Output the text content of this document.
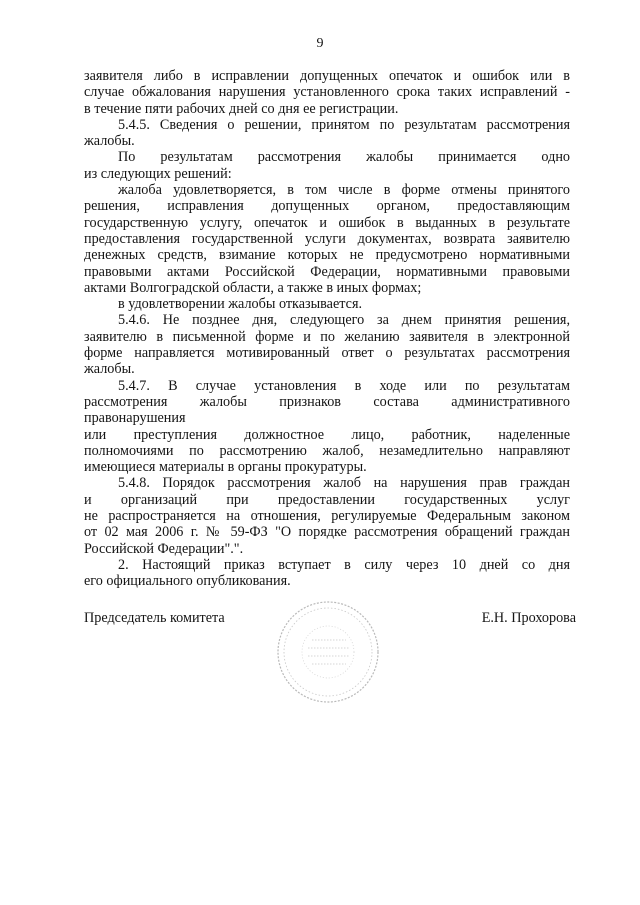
9
заявителя либо в исправлении допущенных опечаток и ошибок или в
случае обжалования нарушения установленного срока таких исправлений -
в течение пяти рабочих дней со дня ее регистрации.
5.4.5. Сведения о решении, принятом по результатам рассмотрения
жалобы.
По результатам рассмотрения жалобы принимается одно
из следующих решений:
жалоба удовлетворяется, в том числе в форме отмены принятого
решения, исправления допущенных органом, предоставляющим
государственную услугу, опечаток и ошибок в выданных в результате
предоставления государственной услуги документах, возврата заявителю
денежных средств, взимание которых не предусмотрено нормативными
правовыми актами Российской Федерации, нормативными правовыми
актами Волгоградской области, а также в иных формах;
в удовлетворении жалобы отказывается.
5.4.6. Не позднее дня, следующего за днем принятия решения,
заявителю в письменной форме и по желанию заявителя в электронной
форме направляется мотивированный ответ о результатах рассмотрения
жалобы.
5.4.7. В случае установления в ходе или по результатам
рассмотрения жалобы признаков состава административного
правонарушения
или преступления должностное лицо, работник, наделенные
полномочиями по рассмотрению жалоб, незамедлительно направляют
имеющиеся материалы в органы прокуратуры.
5.4.8. Порядок рассмотрения жалоб на нарушения прав граждан
и организаций при предоставлении государственных услуг
не распространяется на отношения, регулируемые Федеральным законом
от 02 мая 2006 г. № 59-ФЗ "О порядке рассмотрения обращений граждан
Российской Федерации".".
2. Настоящий приказ вступает в силу через 10 дней со дня
его официального опубликования.
Председатель комитета	Е.Н. Прохорова
